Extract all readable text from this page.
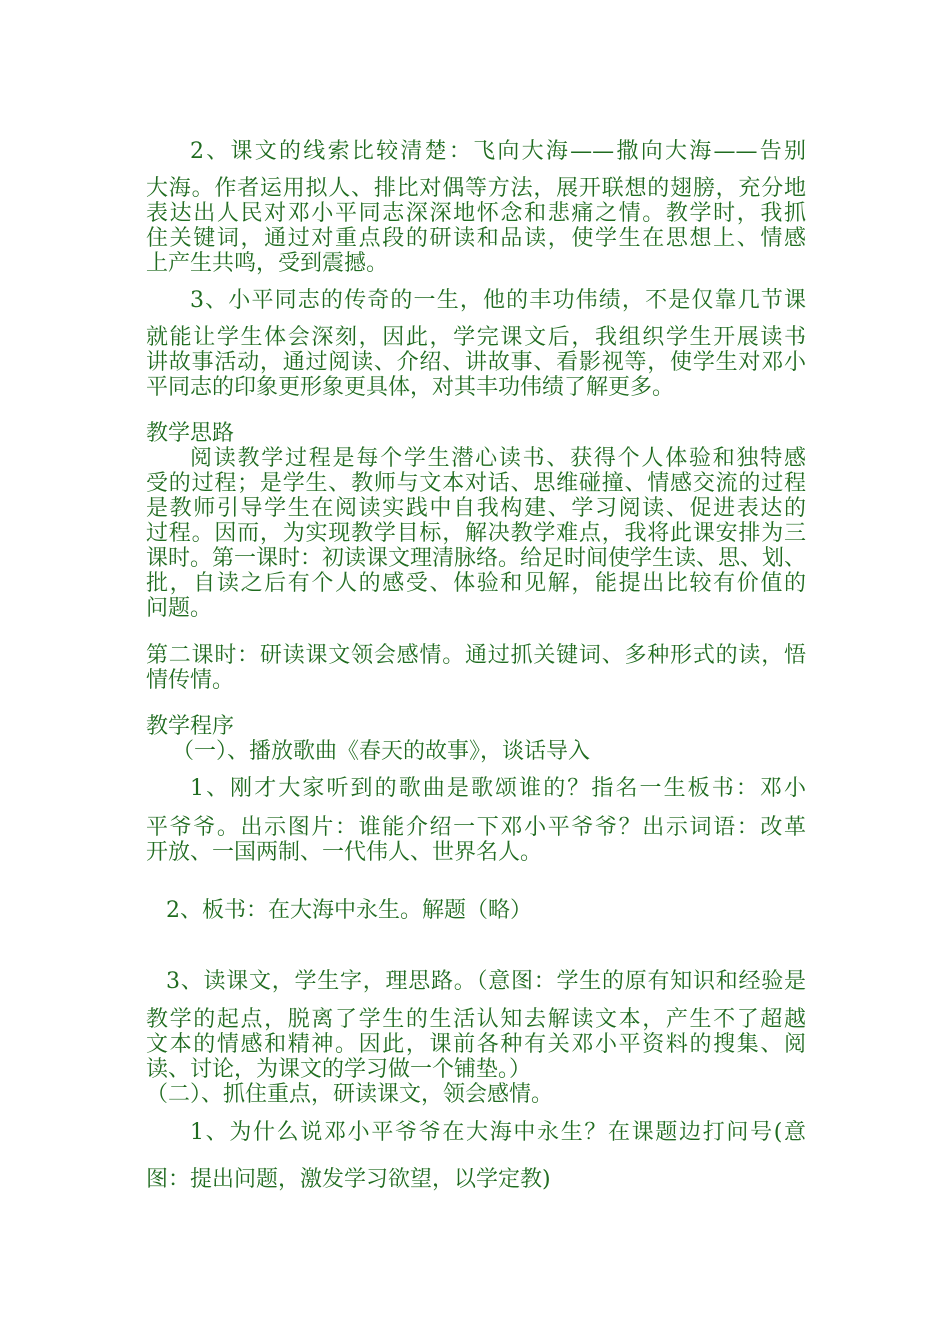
2、课文的线索比较清楚：飞向大海——撒向大海——告别
大海。作者运用拟人、排比对偶等方法，展开联想的翅膀，充分地
表达出人民对邓小平同志深深地怀念和悲痛之情。教学时，我抓
住关键词，通过对重点段的研读和品读，使学生在思想上、情感
上产生共鸣，受到震撼。
3、小平同志的传奇的一生，他的丰功伟绩，不是仅靠几节课
就能让学生体会深刻，因此，学完课文后，我组织学生开展读书
讲故事活动，通过阅读、介绍、讲故事、看影视等，使学生对邓小
平同志的印象更形象更具体，对其丰功伟绩了解更多。
教学思路
阅读教学过程是每个学生潜心读书、获得个人体验和独特感
受的过程；是学生、教师与文本对话、思维碰撞、情感交流的过程
是教师引导学生在阅读实践中自我构建、学习阅读、促进表达的
过程。因而，为实现教学目标，解决教学难点，我将此课安排为三
课时。第一课时：初读课文理清脉络。给足时间使学生读、思、划、
批，自读之后有个人的感受、体验和见解，能提出比较有价值的
问题。
第二课时：研读课文领会感情。通过抓关键词、多种形式的读，悟
情传情。
教学程序
（一）、播放歌曲《春天的故事》，谈话导入
1、刚才大家听到的歌曲是歌颂谁的？指名一生板书：邓小
平爷爷。出示图片：谁能介绍一下邓小平爷爷？出示词语：改革
开放、一国两制、一代伟人、世界名人。
2、板书：在大海中永生。解题（略）
3、读课文，学生字，理思路。（意图：学生的原有知识和经验是
教学的起点，脱离了学生的生活认知去解读文本，产生不了超越
文本的情感和精神。因此，课前各种有关邓小平资料的搜集、阅
读、讨论，为课文的学习做一个铺垫。）
（二）、抓住重点，研读课文，领会感情。
1、为什么说邓小平爷爷在大海中永生？在课题边打问号(意
图：提出问题，激发学习欲望，以学定教)
